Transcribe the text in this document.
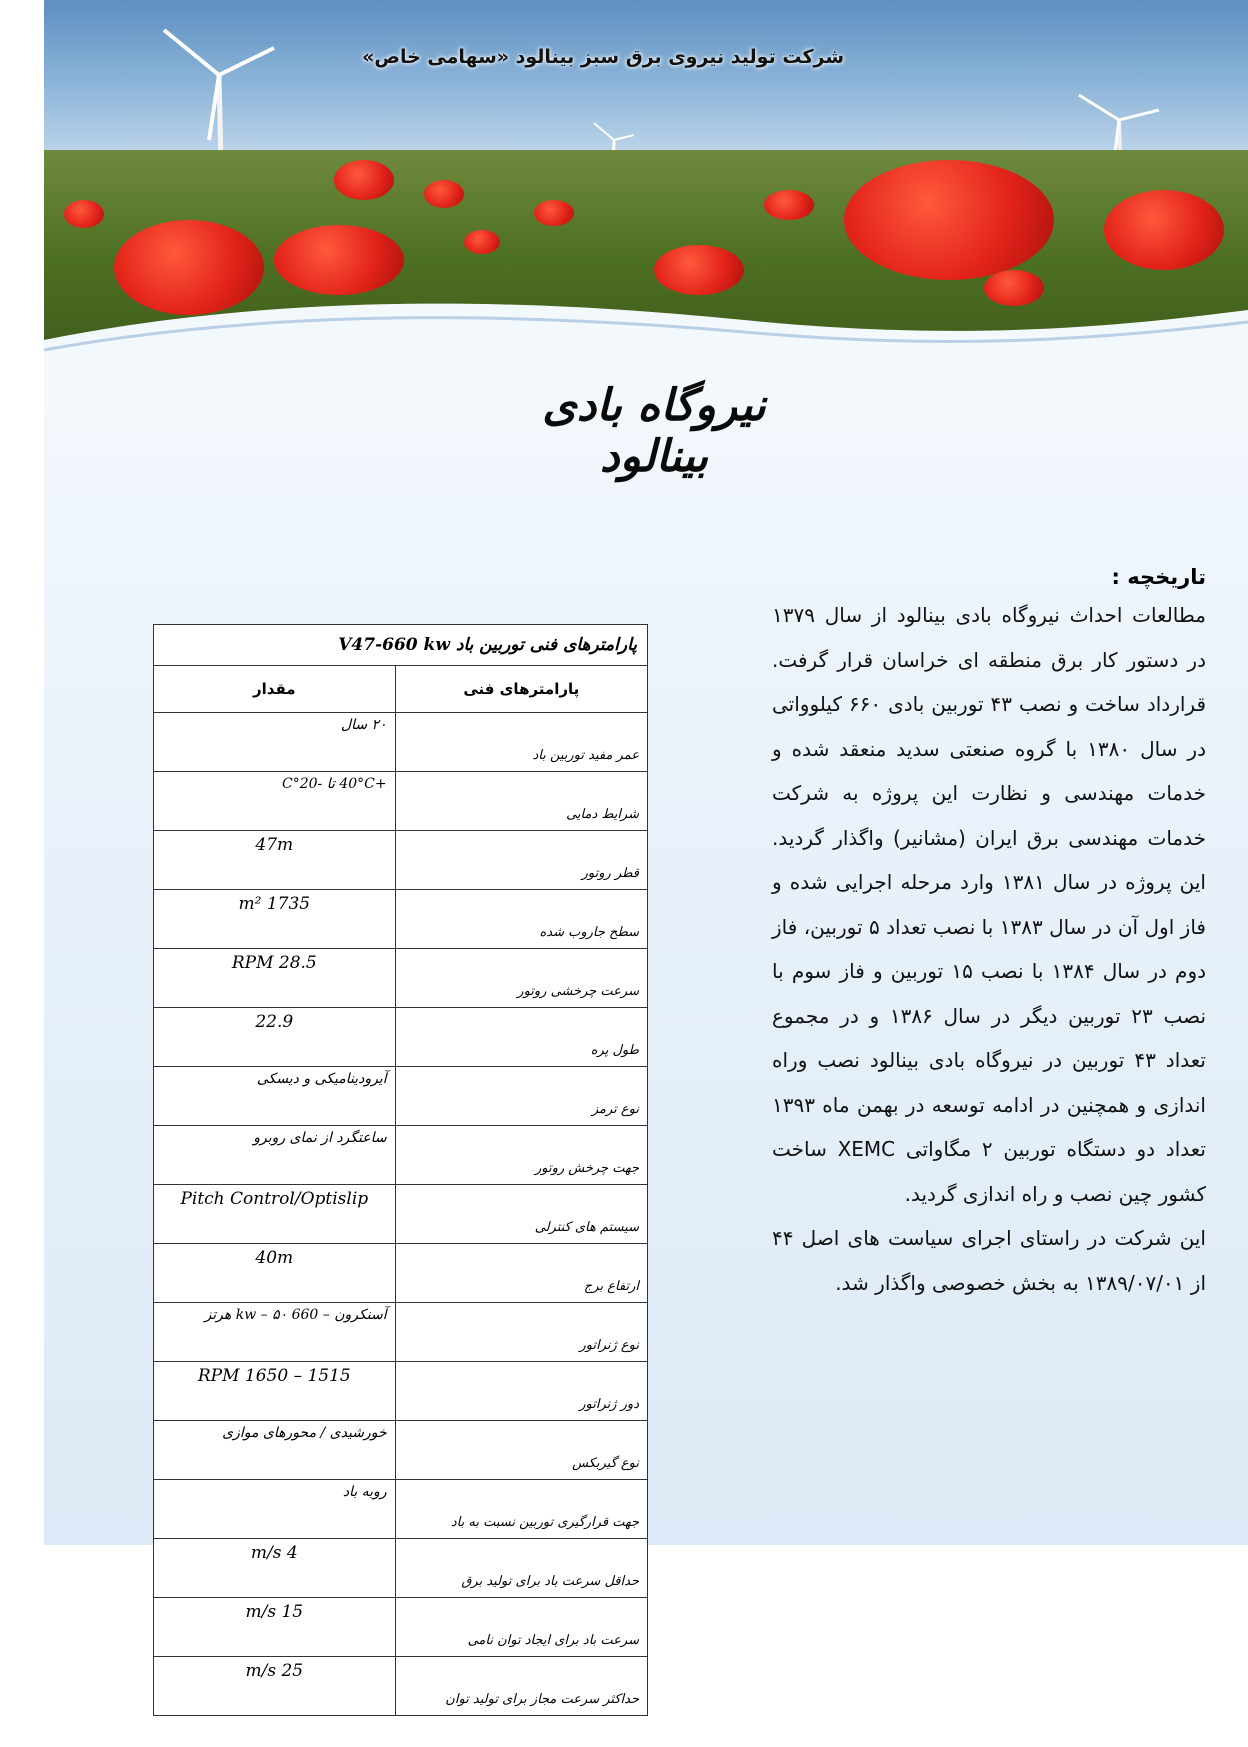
شرکت تولید نیروی برق سبز بینالود «سهامی خاص»
نیروگاه بادی بینالود

تاریخچه :

مطالعات احداث نیروگاه بادی بینالود از سال ۱۳۷۹ در دستور کار برق منطقه ای خراسان قرار گرفت. قرارداد ساخت و نصب ۴۳ توربین بادی ۶۶۰ کیلوواتی در سال ۱۳۸۰ با گروه صنعتی سدید منعقد شده و خدمات مهندسی و نظارت این پروژه به شرکت خدمات مهندسی برق ایران (مشانیر) واگذار گردید. این پروژه در سال ۱۳۸۱ وارد مرحله اجرایی شده و فاز اول آن در سال ۱۳۸۳ با نصب تعداد ۵ توربین، فاز دوم در سال ۱۳۸۴ با نصب ۱۵ توربین و فاز سوم با نصب ۲۳ توربین دیگر در سال ۱۳۸۶ و در مجموع تعداد ۴۳ توربین در نیروگاه بادی بینالود نصب وراه اندازی و همچنین در ادامه توسعه در بهمن ماه ۱۳۹۳ تعداد دو دستگاه توربین ۲ مگاواتی XEMC ساخت کشور چین نصب و راه اندازی گردید.

این شرکت در راستای اجرای سیاست های اصل ۴۴ از ۱۳۸۹/۰۷/۰۱ به بخش خصوصی واگذار شد.

پارامترهای فنی توربین باد V47-660 kw	
پارامترهای فنی	مقدار
عمر مفید توربین باد	۲۰ سال
شرایط دمایی	+40°C تا -20°C
قطر روتور	47m
سطح جاروب شده	1735 m²
سرعت چرخشی روتور	28.5 RPM
طول پره	22.9
نوع ترمز	آیرودینامیکی و دیسکی
جهت چرخش روتور	ساعتگرد از نمای روبرو
سیستم های کنترلی	Pitch Control/Optislip
ارتفاع برج	40m
نوع ژنراتور	آسنکرون – 660 kw – ۵۰ هرتز
دور ژنراتور	1515 – 1650 RPM
نوع گیربکس	خورشیدی / محورهای موازی
جهت قرارگیری توربین نسبت به باد	روبه باد
حداقل سرعت باد برای تولید برق	4 m/s
سرعت باد برای ایجاد توان نامی	15 m/s
حداکثر سرعت مجاز برای تولید توان	25 m/s
